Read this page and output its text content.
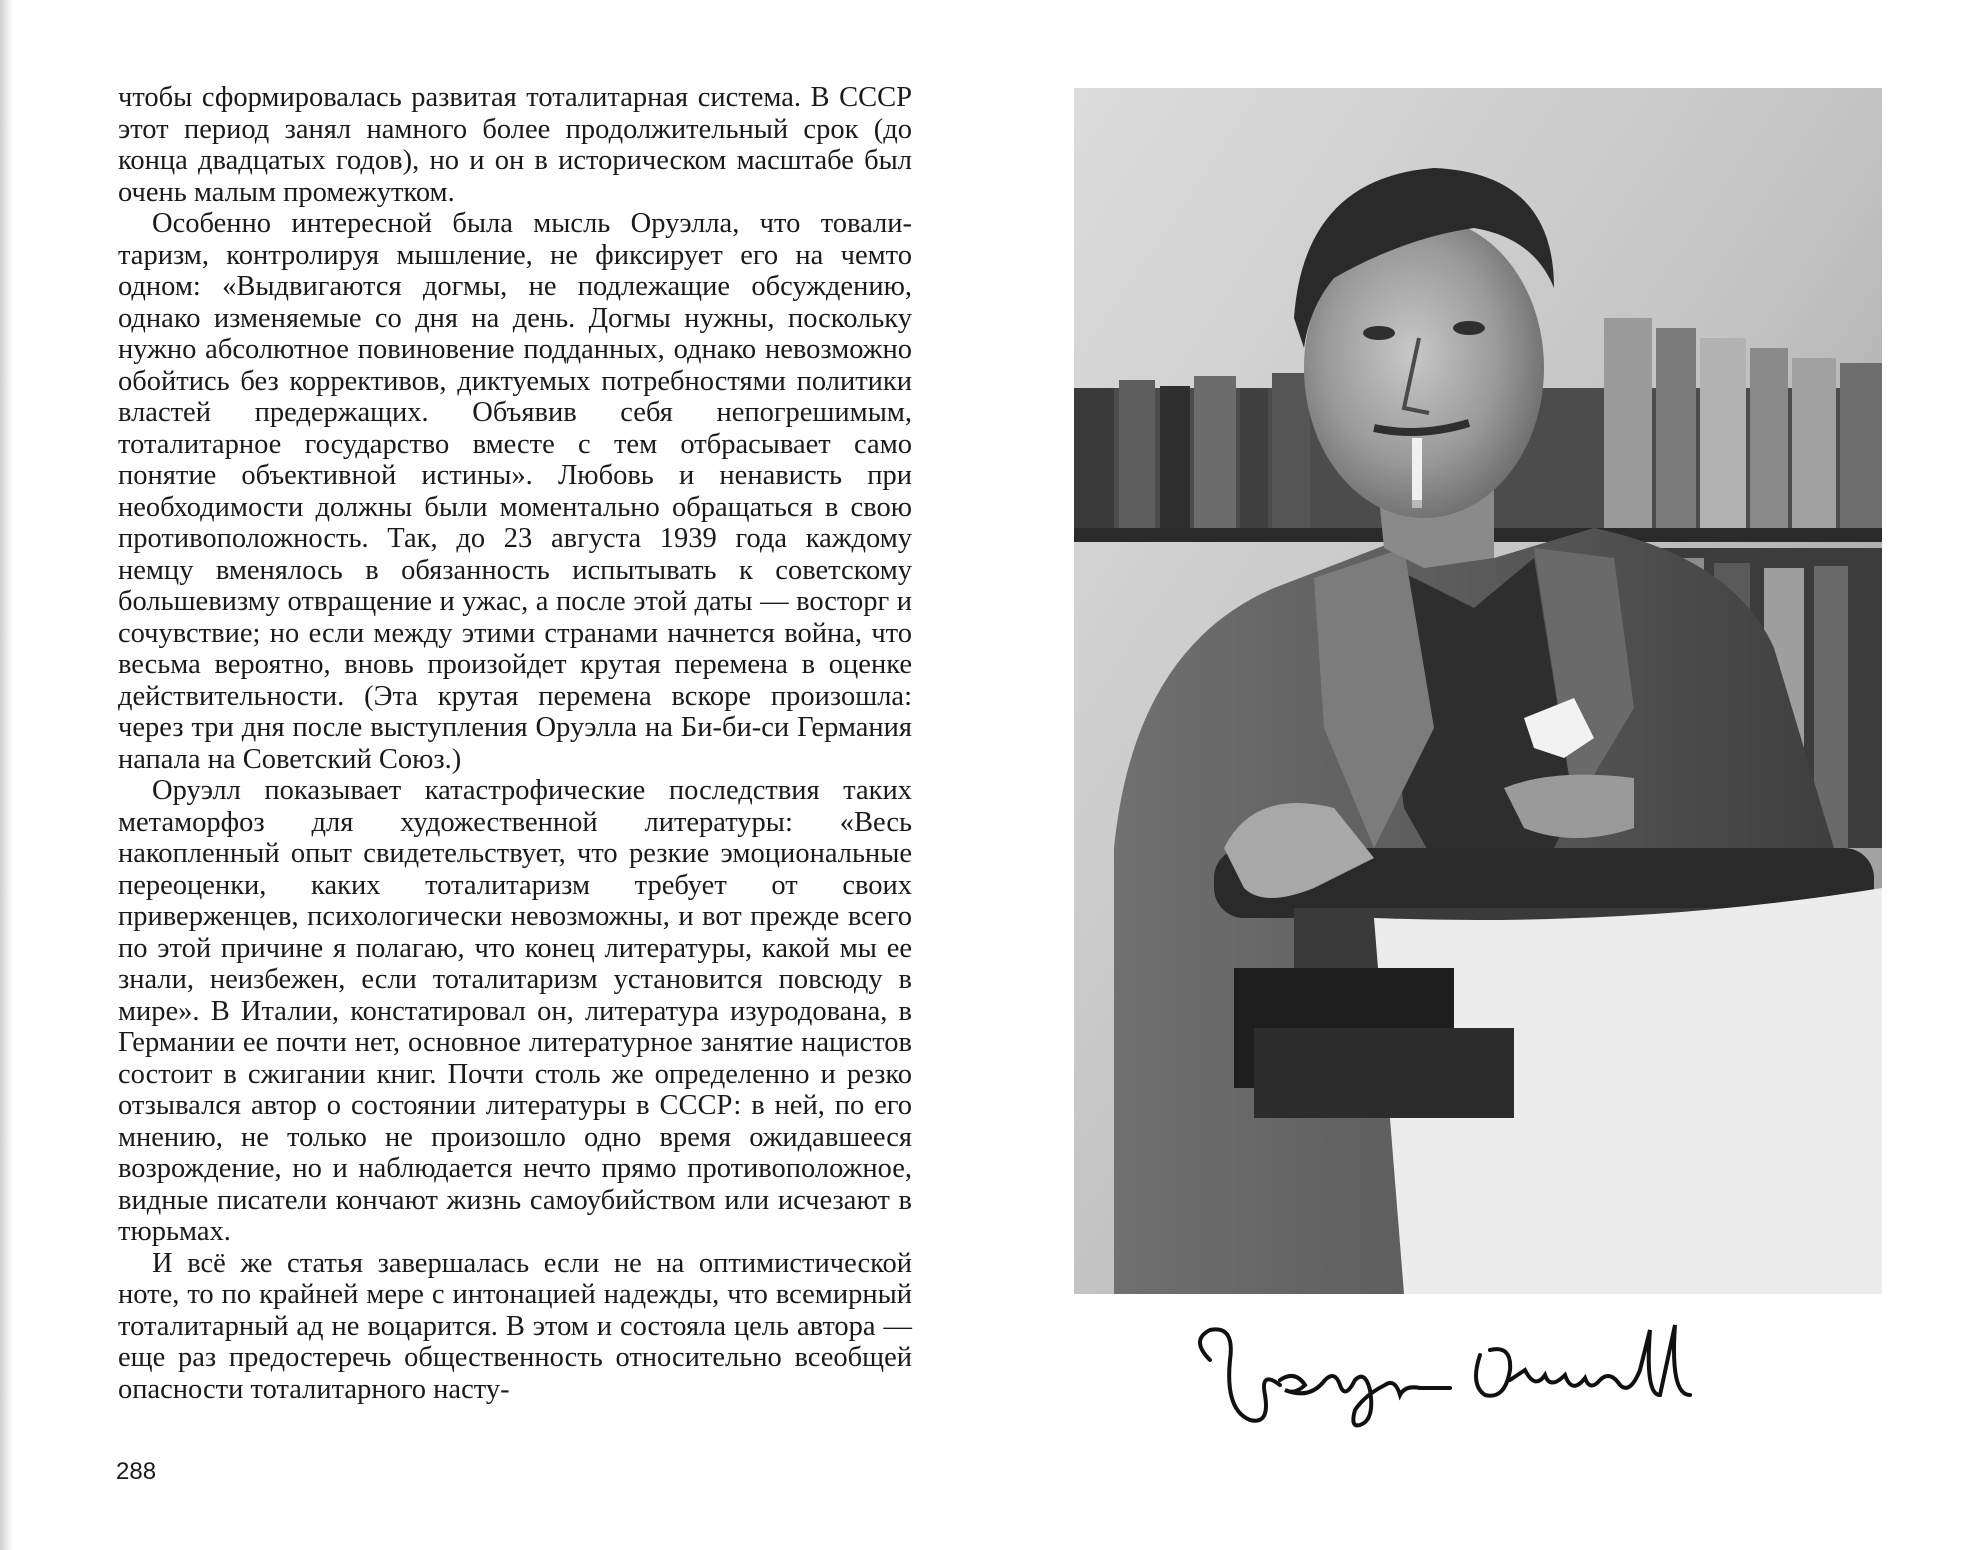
чтобы сформировалась развитая тоталитарная система. В СССР этот период занял намного более продолжительный срок (до конца двадцатых годов), но и он в историческом масштабе был очень малым промежутком.

Особенно интересной была мысль Оруэлла, что товалитаризм, контролируя мышление, не фиксирует его на чемто одном: «Выдвигаются догмы, не подлежащие обсуждению, однако изменяемые со дня на день. Догмы нужны, поскольку нужно абсолютное повиновение подданных, однако невозможно обойтись без коррективов, диктуемых потребностями политики властей предержащих. Объявив себя непогрешимым, тоталитарное государство вместе с тем отбрасывает само понятие объективной истины». Любовь и ненависть при необходимости должны были моментально обращаться в свою противоположность. Так, до 23 августа 1939 года каждому немцу вменялось в обязанность испытывать к советскому большевизму отвращение и ужас, а после этой даты — восторг и сочувствие; но если между этими странами начнется война, что весьма вероятно, вновь произойдет крутая перемена в оценке действительности. (Эта крутая перемена вскоре произошла: через три дня после выступления Оруэлла на Би-би-си Германия напала на Советский Союз.)

Оруэлл показывает катастрофические последствия таких метаморфоз для художественной литературы: «Весь накопленный опыт свидетельствует, что резкие эмоциональные переоценки, каких тоталитаризм требует от своих приверженцев, психологически невозможны, и вот прежде всего по этой причине я полагаю, что конец литературы, какой мы ее знали, неизбежен, если тоталитаризм установится повсюду в мире». В Италии, констатировал он, литература изуродована, в Германии ее почти нет, основное литературное занятие нацистов состоит в сжигании книг. Почти столь же определенно и резко отзывался автор о состоянии литературы в СССР: в ней, по его мнению, не только не произошло одно время ожидавшееся возрождение, но и наблюдается нечто прямо противоположное, видные писатели кончают жизнь самоубийством или исчезают в тюрьмах.

И всё же статья завершалась если не на оптимистической ноте, то по крайней мере с интонацией надежды, что всемирный тоталитарный ад не воцарится. В этом и состояла цель автора — еще раз предостеречь общественность относительно всеобщей опасности тоталитарного насту-

288
